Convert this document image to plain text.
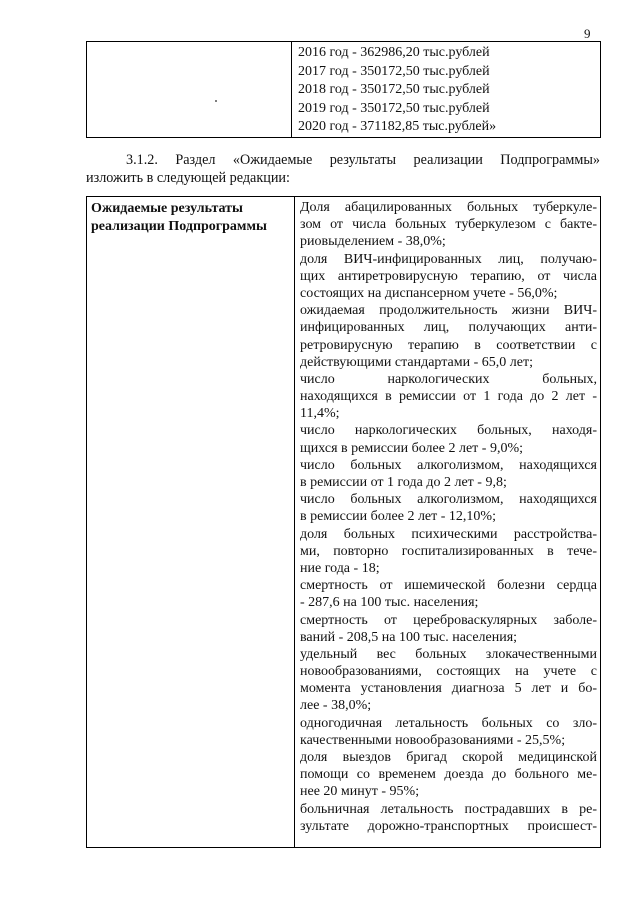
9

2016 год - 362986,20 тыс.рублей
2017 год - 350172,50 тыс.рублей
2018 год - 350172,50 тыс.рублей
2019 год - 350172,50 тыс.рублей
2020 год - 371182,85 тыс.рублей»
3.1.2. Раздел «Ожидаемые результаты реализации Подпрограммы»
изложить в следующей редакции:
Ожидаемые результаты
реализации Подпрограммы

Доля абацилированных больных туберкуле-
зом от числа больных туберкулезом с бакте-
риовыделением - 38,0%;
доля ВИЧ-инфицированных лиц, получаю-
щих антиретровирусную терапию, от числа
состоящих на диспансерном учете - 56,0%;
ожидаемая продолжительность жизни ВИЧ-
инфицированных лиц, получающих анти-
ретровирусную терапию в соответствии с
действующими стандартами - 65,0 лет;
число наркологических больных,
находящихся в ремиссии от 1 года до 2 лет -
11,4%;
число наркологических больных, находя-
щихся в ремиссии более 2 лет - 9,0%;
число больных алкоголизмом, находящихся
в ремиссии от 1 года до 2 лет - 9,8;
число больных алкоголизмом, находящихся
в ремиссии более 2 лет - 12,10%;
доля больных психическими расстройства-
ми, повторно госпитализированных в тече-
ние года - 18;
смертность от ишемической болезни сердца
- 287,6 на 100 тыс. населения;
смертность от цереброваскулярных заболе-
ваний - 208,5 на 100 тыс. населения;
удельный вес больных злокачественными
новообразованиями, состоящих на учете с
момента установления диагноза 5 лет и бо-
лее - 38,0%;
одногодичная летальность больных со зло-
качественными новообразованиями - 25,5%;
доля выездов бригад скорой медицинской
помощи со временем доезда до больного ме-
нее 20 минут - 95%;
больничная летальность пострадавших в ре-
зультате дорожно-транспортных происшест-
